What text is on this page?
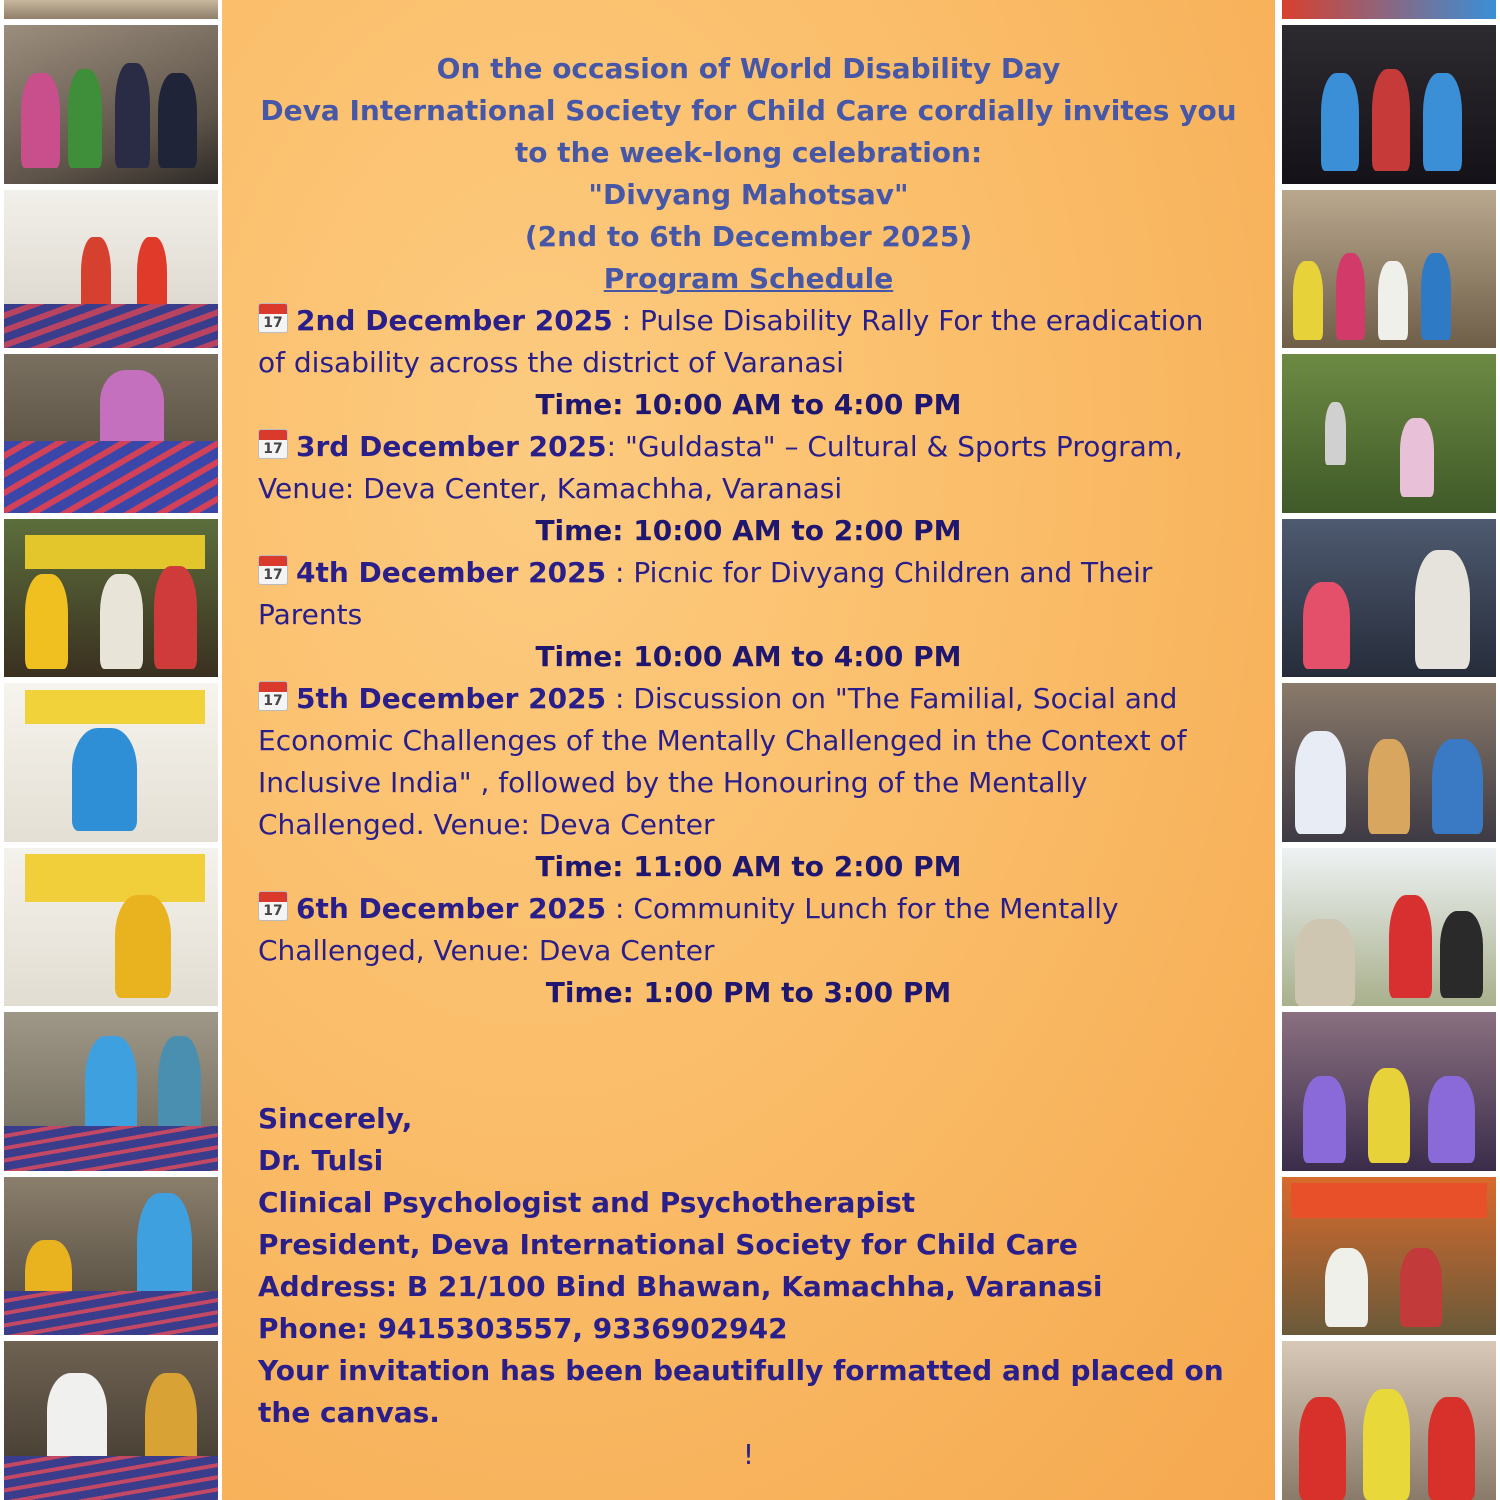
On the occasion of World Disability Day
Deva International Society for Child Care cordially invites you
to the week-long celebration:
"Divyang Mahotsav"
(2nd to 6th December 2025)
Program Schedule
17 2nd December 2025 : Pulse Disability Rally For the eradication of disability across the district of Varanasi
Time: 10:00 AM to 4:00 PM
17 3rd December 2025: "Guldasta" – Cultural & Sports Program, Venue: Deva Center, Kamachha, Varanasi
Time: 10:00 AM to 2:00 PM
17 4th December 2025 : Picnic for Divyang Children and Their Parents
Time: 10:00 AM to 4:00 PM
17 5th December 2025 : Discussion on "The Familial, Social and Economic Challenges of the Mentally Challenged in the Context of Inclusive India" , followed by the Honouring of the Mentally Challenged. Venue: Deva Center
Time: 11:00 AM to 2:00 PM
17 6th December 2025 : Community Lunch for the Mentally Challenged, Venue: Deva Center
Time: 1:00 PM to 3:00 PM
Sincerely,
Dr. Tulsi
Clinical Psychologist and Psychotherapist
President, Deva International Society for Child Care
Address: B 21/100 Bind Bhawan, Kamachha, Varanasi
Phone: 9415303557, 9336902942
Your invitation has been beautifully formatted and placed on the canvas.
!
